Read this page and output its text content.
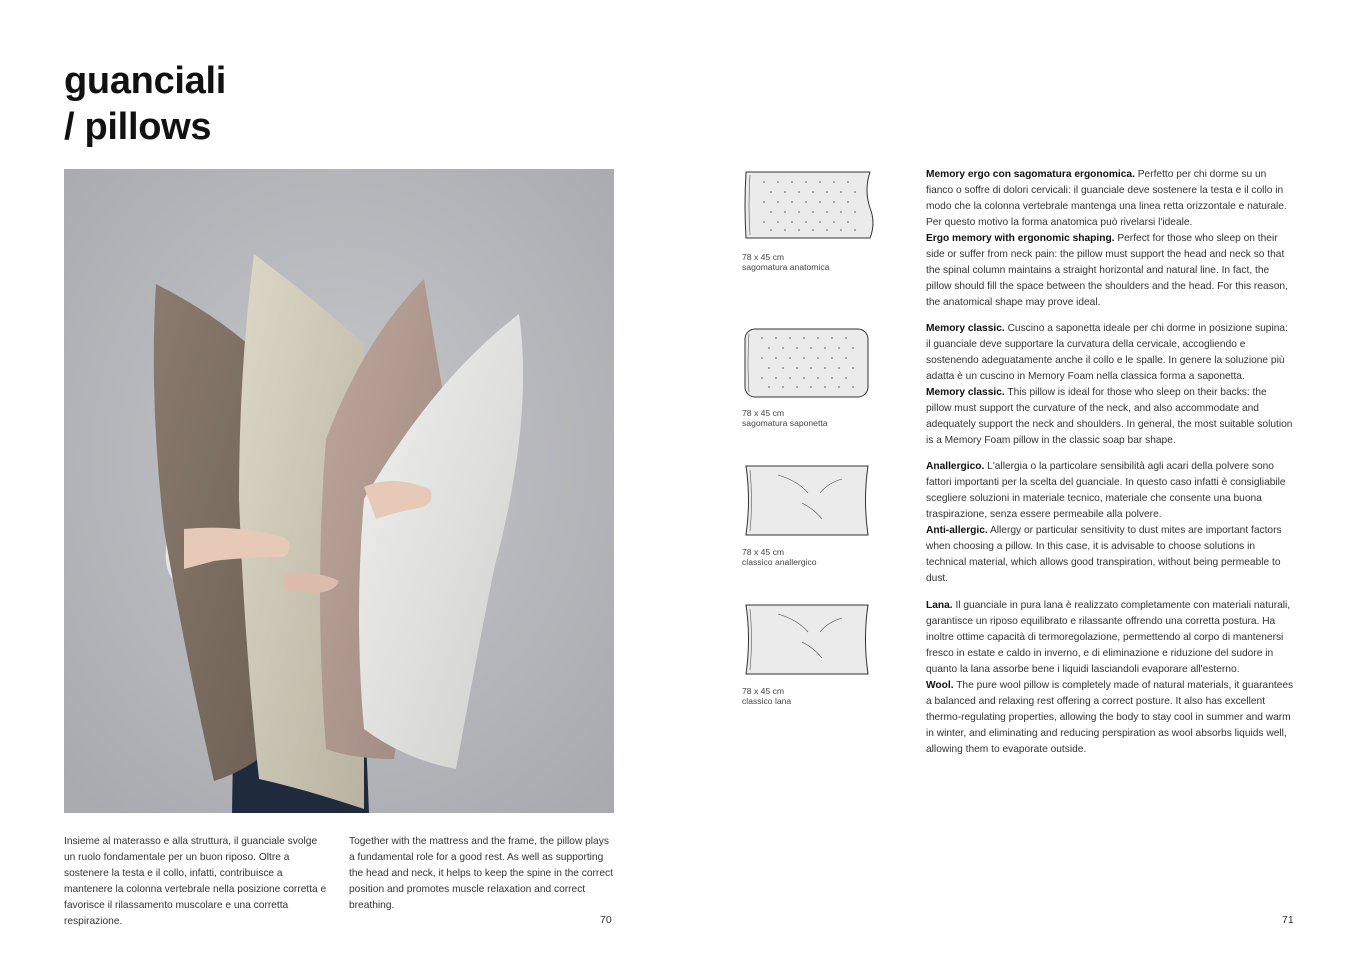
guanciali
/ pillows

Insieme al materasso e alla struttura, il guanciale svolge un ruolo fondamentale per un buon riposo. Oltre a sostenere la testa e il collo, infatti, contribuisce a mantenere la colonna vertebrale nella posizione corretta e favorisce il rilassamento muscolare e una corretta respirazione.

Together with the mattress and the frame, the pillow plays a fundamental role for a good rest. As well as supporting the head and neck, it helps to keep the spine in the correct position and promotes muscle relaxation and correct breathing.

70	71
78 x 45 cm
sagomatura anatomica
78 x 45 cm
sagomatura saponetta
78 x 45 cm
classico anallergico
78 x 45 cm
classico lana

Memory ergo con sagomatura ergonomica. Perfetto per chi dorme su un fianco o soffre di dolori cervicali: il guanciale deve sostenere la testa e il collo in modo che la colonna vertebrale mantenga una linea retta orizzontale e naturale. Per questo motivo la forma anatomica può rivelarsi l'ideale.

Ergo memory with ergonomic shaping. Perfect for those who sleep on their side or suffer from neck pain: the pillow must support the head and neck so that the spinal column maintains a straight horizontal and natural line. In fact, the pillow should fill the space between the shoulders and the head. For this reason, the anatomical shape may prove ideal.

Memory classic. Cuscino a saponetta ideale per chi dorme in posizione supina: il guanciale deve supportare la curvatura della cervicale, accogliendo e sostenendo adeguatamente anche il collo e le spalle. In genere la soluzione più adatta è un cuscino in Memory Foam nella classica forma a saponetta.

Memory classic. This pillow is ideal for those who sleep on their backs: the pillow must support the curvature of the neck, and also accommodate and adequately support the neck and shoulders. In general, the most suitable solution is a Memory Foam pillow in the classic soap bar shape.

Anallergico. L'allergia o la particolare sensibilità agli acari della polvere sono fattori importanti per la scelta del guanciale. In questo caso infatti è consigliabile scegliere soluzioni in materiale tecnico, materiale che consente una buona traspirazione, senza essere permeabile alla polvere.

Anti-allergic. Allergy or particular sensitivity to dust mites are important factors when choosing a pillow. In this case, it is advisable to choose solutions in technical material, which allows good transpiration, without being permeable to dust.

Lana. Il guanciale in pura lana è realizzato completamente con materiali naturali, garantisce un riposo equilibrato e rilassante offrendo una corretta postura. Ha inoltre ottime capacità di termoregolazione, permettendo al corpo di mantenersi fresco in estate e caldo in inverno, e di eliminazione e riduzione del sudore in quanto la lana assorbe bene i liquidi lasciandoli evaporare all'esterno.

Wool. The pure wool pillow is completely made of natural materials, it guarantees a balanced and relaxing rest offering a correct posture. It also has excellent thermo-regulating properties, allowing the body to stay cool in summer and warm in winter, and eliminating and reducing perspiration as wool absorbs liquids well, allowing them to evaporate outside.
